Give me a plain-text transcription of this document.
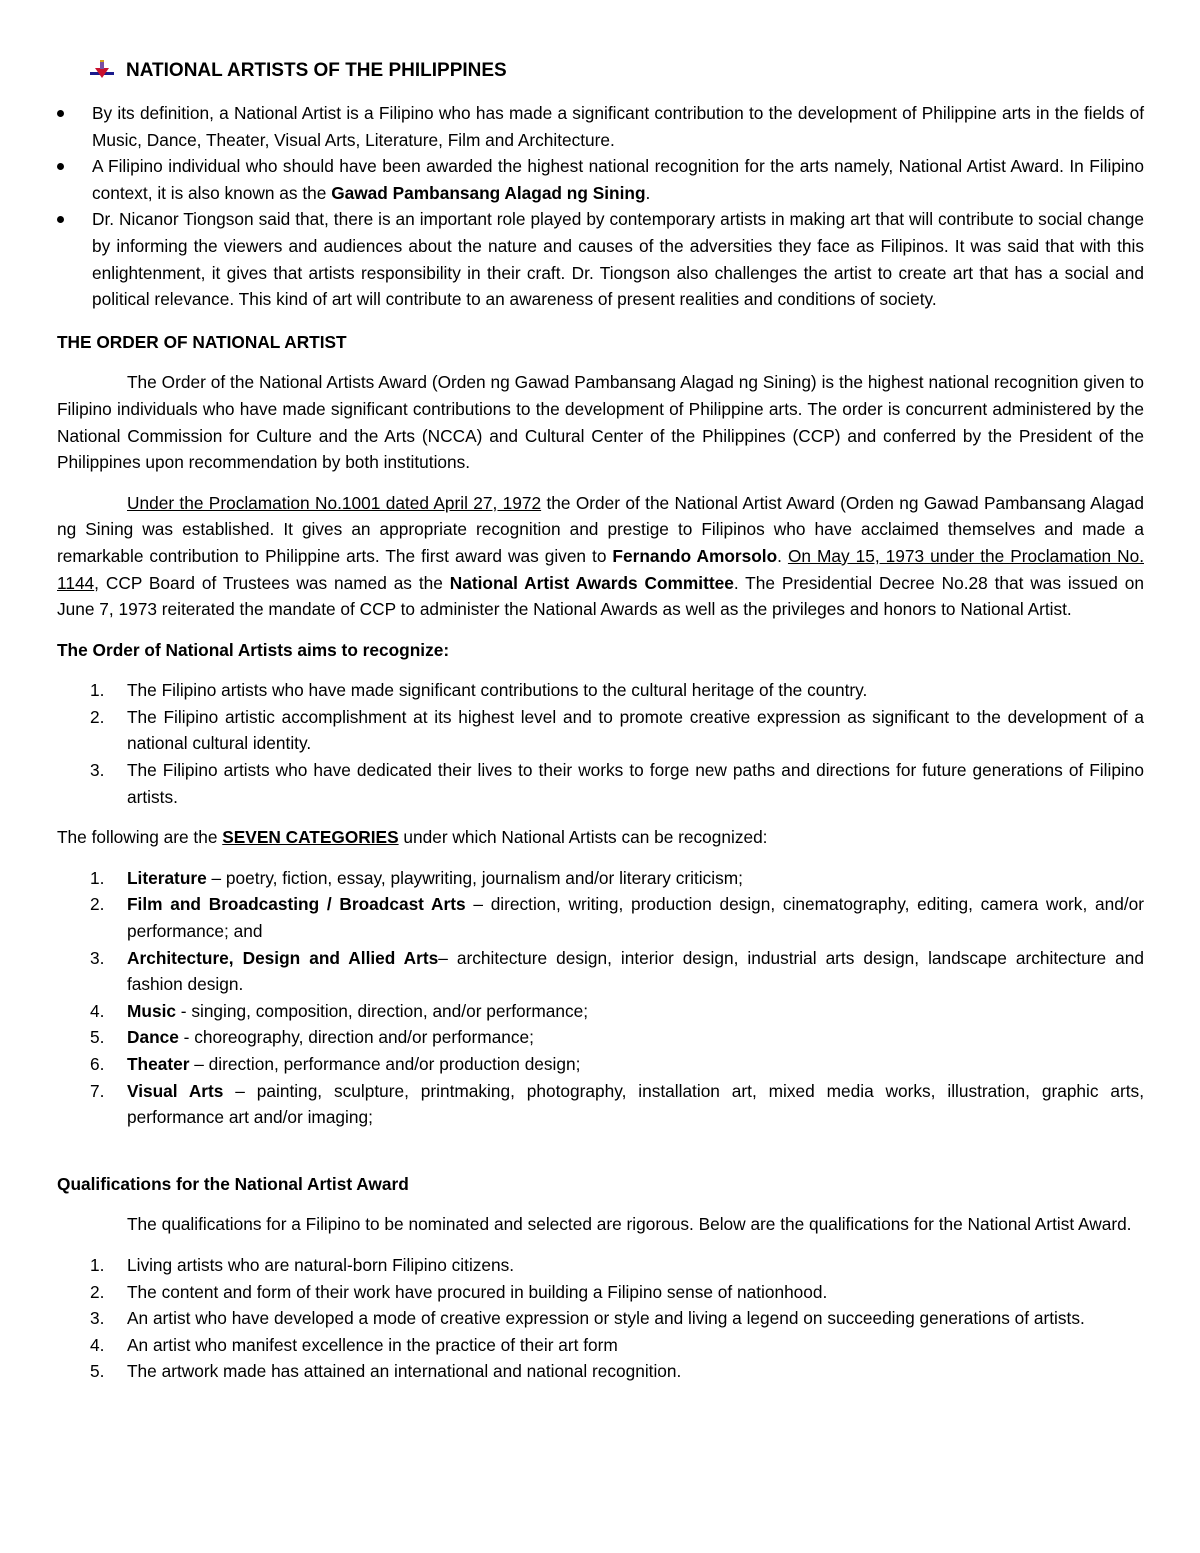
NATIONAL ARTISTS OF THE PHILIPPINES
By its definition, a National Artist is a Filipino who has made a significant contribution to the development of Philippine arts in the fields of Music, Dance, Theater, Visual Arts, Literature, Film and Architecture.
A Filipino individual who should have been awarded the highest national recognition for the arts namely, National Artist Award. In Filipino context, it is also known as the Gawad Pambansang Alagad ng Sining.
Dr. Nicanor Tiongson said that, there is an important role played by contemporary artists in making art that will contribute to social change by informing the viewers and audiences about the nature and causes of the adversities they face as Filipinos. It was said that with this enlightenment, it gives that artists responsibility in their craft. Dr. Tiongson also challenges the artist to create art that has a social and political relevance. This kind of art will contribute to an awareness of present realities and conditions of society.
THE ORDER OF NATIONAL ARTIST

The Order of the National Artists Award (Orden ng Gawad Pambansang Alagad ng Sining) is the highest national recognition given to Filipino individuals who have made significant contributions to the development of Philippine arts. The order is concurrent administered by the National Commission for Culture and the Arts (NCCA) and Cultural Center of the Philippines (CCP) and conferred by the President of the Philippines upon recommendation by both institutions.

Under the Proclamation No.1001 dated April 27, 1972 the Order of the National Artist Award (Orden ng Gawad Pambansang Alagad ng Sining was established. It gives an appropriate recognition and prestige to Filipinos who have acclaimed themselves and made a remarkable contribution to Philippine arts. The first award was given to Fernando Amorsolo. On May 15, 1973 under the Proclamation No. 1144, CCP Board of Trustees was named as the National Artist Awards Committee. The Presidential Decree No.28 that was issued on June 7, 1973 reiterated the mandate of CCP to administer the National Awards as well as the privileges and honors to National Artist.

The Order of National Artists aims to recognize:
1. The Filipino artists who have made significant contributions to the cultural heritage of the country.
2. The Filipino artistic accomplishment at its highest level and to promote creative expression as significant to the development of a national cultural identity.
3. The Filipino artists who have dedicated their lives to their works to forge new paths and directions for future generations of Filipino artists.

The following are the SEVEN CATEGORIES under which National Artists can be recognized:

1. Literature – poetry, fiction, essay, playwriting, journalism and/or literary criticism;
2. Film and Broadcasting / Broadcast Arts – direction, writing, production design, cinematography, editing, camera work, and/or performance; and
3. Architecture, Design and Allied Arts– architecture design, interior design, industrial arts design, landscape architecture and fashion design.
4. Music - singing, composition, direction, and/or performance;
5. Dance - choreography, direction and/or performance;
6. Theater – direction, performance and/or production design;
7. Visual Arts – painting, sculpture, printmaking, photography, installation art, mixed media works, illustration, graphic arts, performance art and/or imaging;
Qualifications for the National Artist Award

The qualifications for a Filipino to be nominated and selected are rigorous. Below are the qualifications for the National Artist Award.

1. Living artists who are natural-born Filipino citizens.
2. The content and form of their work have procured in building a Filipino sense of nationhood.
3. An artist who have developed a mode of creative expression or style and living a legend on succeeding generations of artists.
4. An artist who manifest excellence in the practice of their art form
5. The artwork made has attained an international and national recognition.
